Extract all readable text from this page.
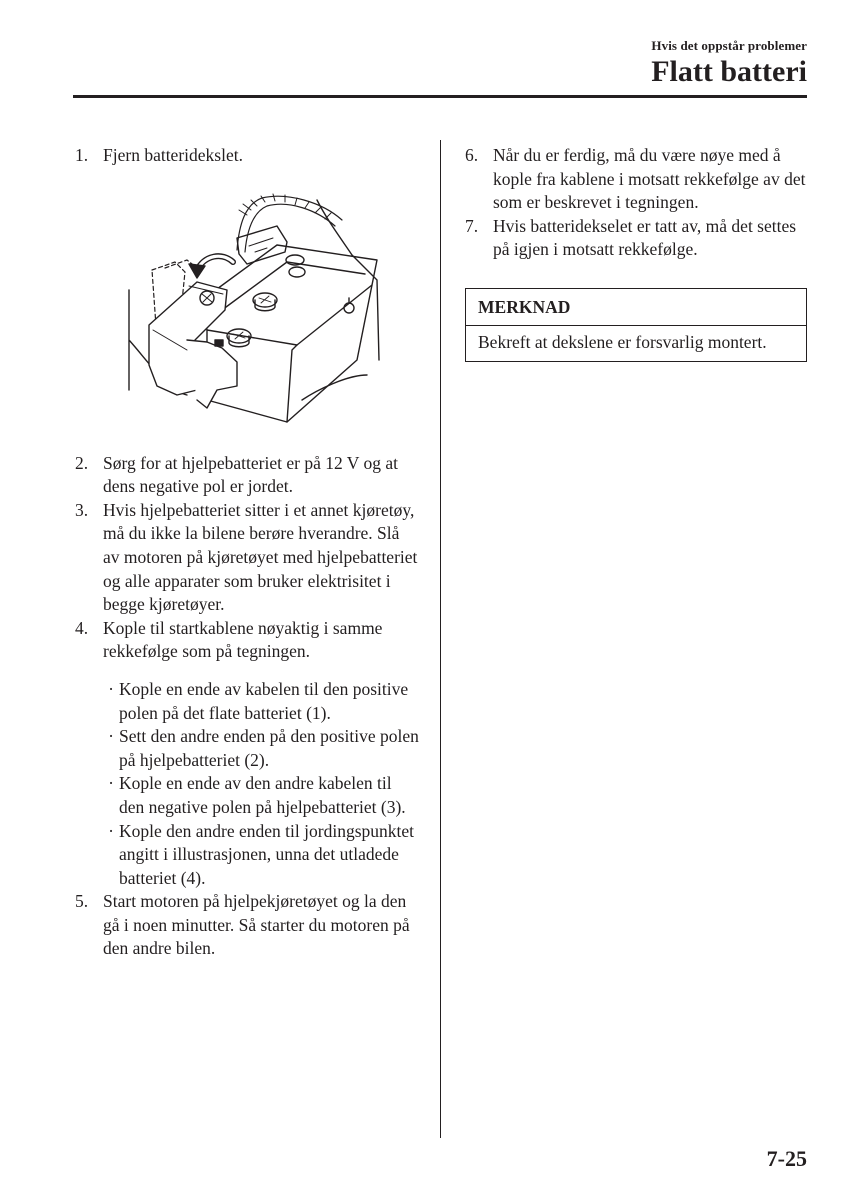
Hvis det oppstår problemer
Flatt batteri
1. Fjern batteridekslet.
2. Sørg for at hjelpebatteriet er på 12 V og at dens negative pol er jordet.
3. Hvis hjelpebatteriet sitter i et annet kjøretøy, må du ikke la bilene berøre hverandre. Slå av motoren på kjøretøyet med hjelpebatteriet og alle apparater som bruker elektrisitet i begge kjøretøyer.
4. Kople til startkablene nøyaktig i samme rekkefølge som på tegningen.
· Kople en ende av kabelen til den positive polen på det flate batteriet (1).
· Sett den andre enden på den positive polen på hjelpebatteriet (2).
· Kople en ende av den andre kabelen til den negative polen på hjelpebatteriet (3).
· Kople den andre enden til jordingspunktet angitt i illustrasjonen, unna det utladede batteriet (4).
5. Start motoren på hjelpekjøretøyet og la den gå i noen minutter. Så starter du motoren på den andre bilen.
6. Når du er ferdig, må du være nøye med å kople fra kablene i motsatt rekkefølge av det som er beskrevet i tegningen.
7. Hvis batteridekselet er tatt av, må det settes på igjen i motsatt rekkefølge.
MERKNAD
Bekreft at dekslene er forsvarlig montert.
7-25
